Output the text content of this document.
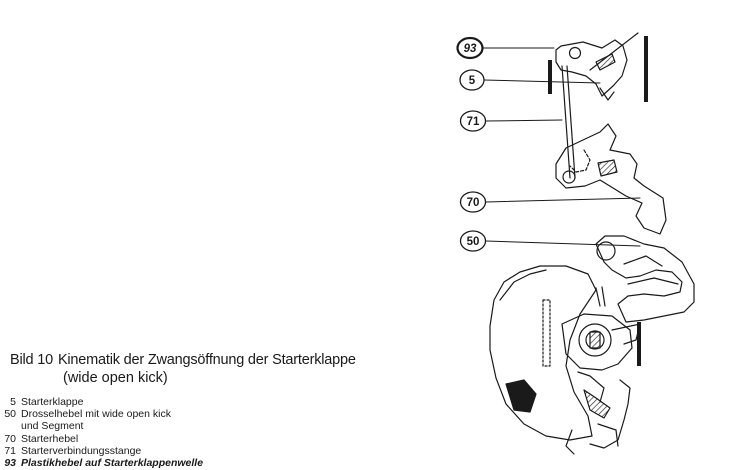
Bild 10 Kinematik der Zwangsöffnung der Starterklappe
(wide open kick)
5 Starterklappe
50 Drosselhebel mit wide open kick
und Segment
70 Starterhebel
71 Starterverbindungsstange
93 Plastikhebel auf Starterklappenwelle
93
5
71
70
50
